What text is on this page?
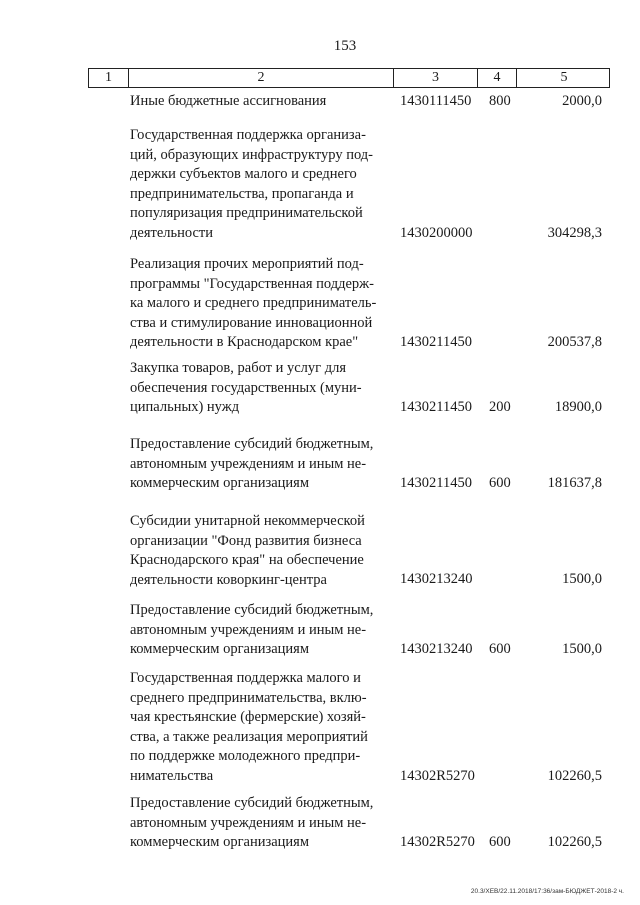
153
1	2	3	4	5
Иные бюджетные ассигнования	1430111450 800	2000,0
Государственная поддержка организа-
ций, образующих инфраструктуру под-
держки субъектов малого и среднего
предпринимательства, пропаганда и
популяризация предпринимательской
деятельности	1430200000	304298,3
Реализация прочих мероприятий под-
программы "Государственная поддерж-
ка малого и среднего предприниматель-
ства и стимулирование инновационной
деятельности в Краснодарском крае"	1430211450	200537,8
Закупка товаров, работ и услуг для
обеспечения государственных (муни-
ципальных) нужд	1430211450 200	18900,0
Предоставление субсидий бюджетным,
автономным учреждениям и иным не-
коммерческим организациям	1430211450 600	181637,8
Субсидии унитарной некоммерческой
организации "Фонд развития бизнеса
Краснодарского края" на обеспечение
деятельности коворкинг-центра	1430213240	1500,0
Предоставление субсидий бюджетным,
автономным учреждениям и иным не-
коммерческим организациям	1430213240 600	1500,0
Государственная поддержка малого и
среднего предпринимательства, вклю-
чая крестьянские (фермерские) хозяй-
ства, а также реализация мероприятий
по поддержке молодежного предпри-
нимательства	14302R5270	102260,5
Предоставление субсидий бюджетным,
автономным учреждениям и иным не-
коммерческим организациям	14302R5270 600	102260,5
20.3/ХЕВ/22.11.2018/17:36/зам-БЮДЖЕТ-2018-2 ч.
